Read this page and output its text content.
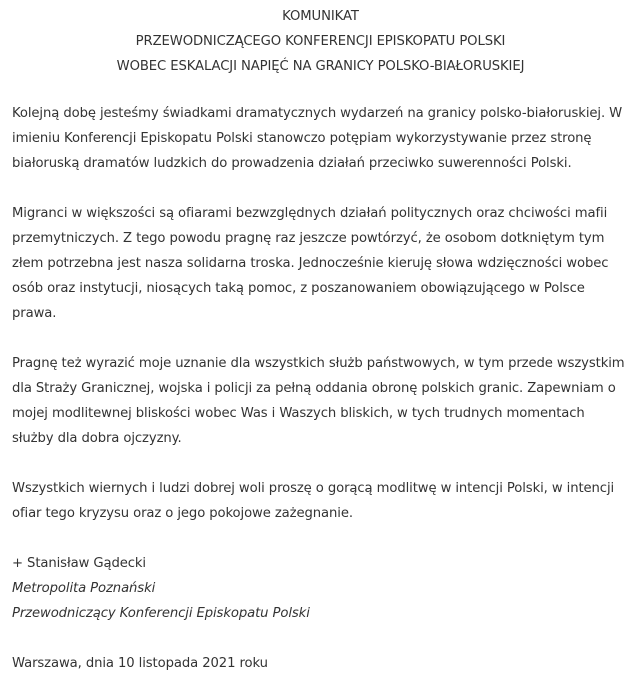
KOMUNIKAT
PRZEWODNICZĄCEGO KONFERENCJI EPISKOPATU POLSKI
WOBEC ESKALACJI NAPIĘĆ NA GRANICY POLSKO-BIAŁORUSKIEJ
Kolejną dobę jesteśmy świadkami dramatycznych wydarzeń na granicy polsko-białoruskiej. W imieniu Konferencji Episkopatu Polski stanowczo potępiam wykorzystywanie przez stronę białoruską dramatów ludzkich do prowadzenia działań przeciwko suwerenności Polski.
Migranci w większości są ofiarami bezwzględnych działań politycznych oraz chciwości mafii przemytniczych. Z tego powodu pragnę raz jeszcze powtórzyć, że osobom dotkniętym tym złem potrzebna jest nasza solidarna troska. Jednocześnie kieruję słowa wdzięczności wobec osób oraz instytucji, niosących taką pomoc, z poszanowaniem obowiązującego w Polsce prawa.
Pragnę też wyrazić moje uznanie dla wszystkich służb państwowych, w tym przede wszystkim dla Straży Granicznej, wojska i policji za pełną oddania obronę polskich granic. Zapewniam o mojej modlitewnej bliskości wobec Was i Waszych bliskich, w tych trudnych momentach służby dla dobra ojczyzny.
Wszystkich wiernych i ludzi dobrej woli proszę o gorącą modlitwę w intencji Polski, w intencji ofiar tego kryzysu oraz o jego pokojowe zażegnanie.
+ Stanisław Gądecki
Metropolita Poznański
Przewodniczący Konferencji Episkopatu Polski
Warszawa, dnia 10 listopada 2021 roku
